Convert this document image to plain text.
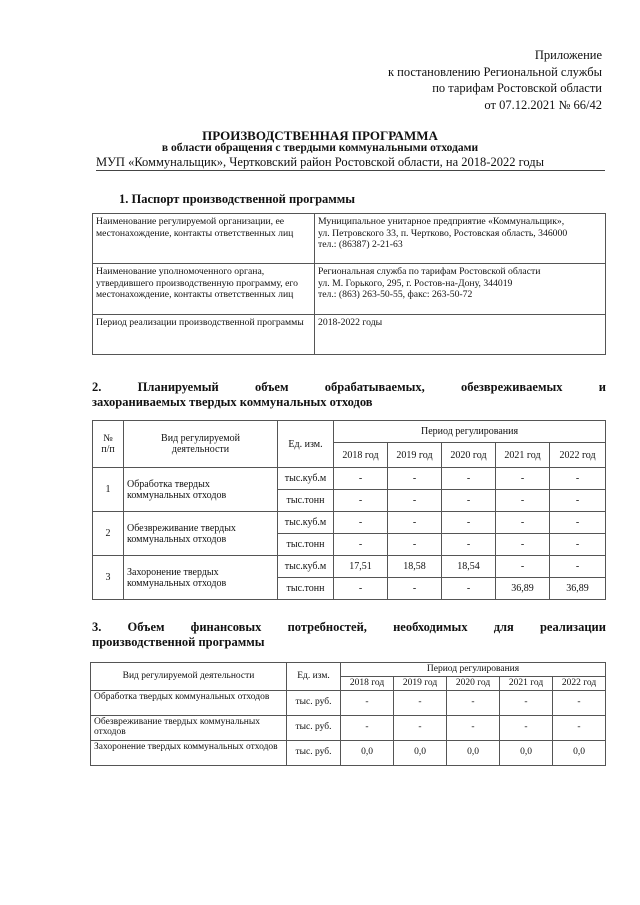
Приложение
к постановлению Региональной службы
по тарифам Ростовской области
от 07.12.2021 № 66/42
ПРОИЗВОДСТВЕННАЯ ПРОГРАММА
в области обращения с твердыми коммунальными отходами
МУП «Коммунальщик», Чертковский район Ростовской области, на 2018-2022 годы
1. Паспорт производственной программы
Наименование регулируемой организации, ее местонахождение, контакты ответственных лиц	Муниципальное унитарное предприятие «Коммунальщик»,
ул. Петровского 33, п. Чертково, Ростовская область, 346000
тел.: (86387) 2-21-63

Наименование уполномоченного органа, утвердившего производственную программу, его местонахождение, контакты ответственных лиц	Региональная служба по тарифам Ростовской области
ул. М. Горького, 295, г. Ростов-на-Дону, 344019
тел.: (863) 263-50-55, факс: 263-50-72

Период реализации производственной программы	2018-2022 годы
2.	Планируемый	объем	обрабатываемых,	обезвреживаемых	и
захораниваемых твердых коммунальных отходов
№
п/п	Вид регулируемой
деятельности	Ед. изм.	Период регулирования				
			2018 год	2019 год	2020 год	2021 год	2022 год
1	Обработка твердых
коммунальных отходов	тыс.куб.м	-	-	-	-	-
		тыс.тонн	-	-	-	-	-
2	Обезвреживание твердых
коммунальных отходов	тыс.куб.м	-	-	-	-	-
		тыс.тонн	-	-	-	-	-
3	Захоронение твердых
коммунальных отходов	тыс.куб.м	17,51	18,58	18,54	-	-
		тыс.тонн	-	-	-	36,89	36,89
3. Объем финансовых потребностей, необходимых для реализации
производственной программы
Вид регулируемой деятельности	Ед. изм.	Период регулирования				
		2018 год	2019 год	2020 год	2021 год	2022 год
Обработка твердых коммунальных отходов	тыс. руб.	-	-	-	-	-
Обезвреживание твердых коммунальных отходов	тыс. руб.	-	-	-	-	-
Захоронение твердых коммунальных отходов	тыс. руб.	0,0	0,0	0,0	0,0	0,0
